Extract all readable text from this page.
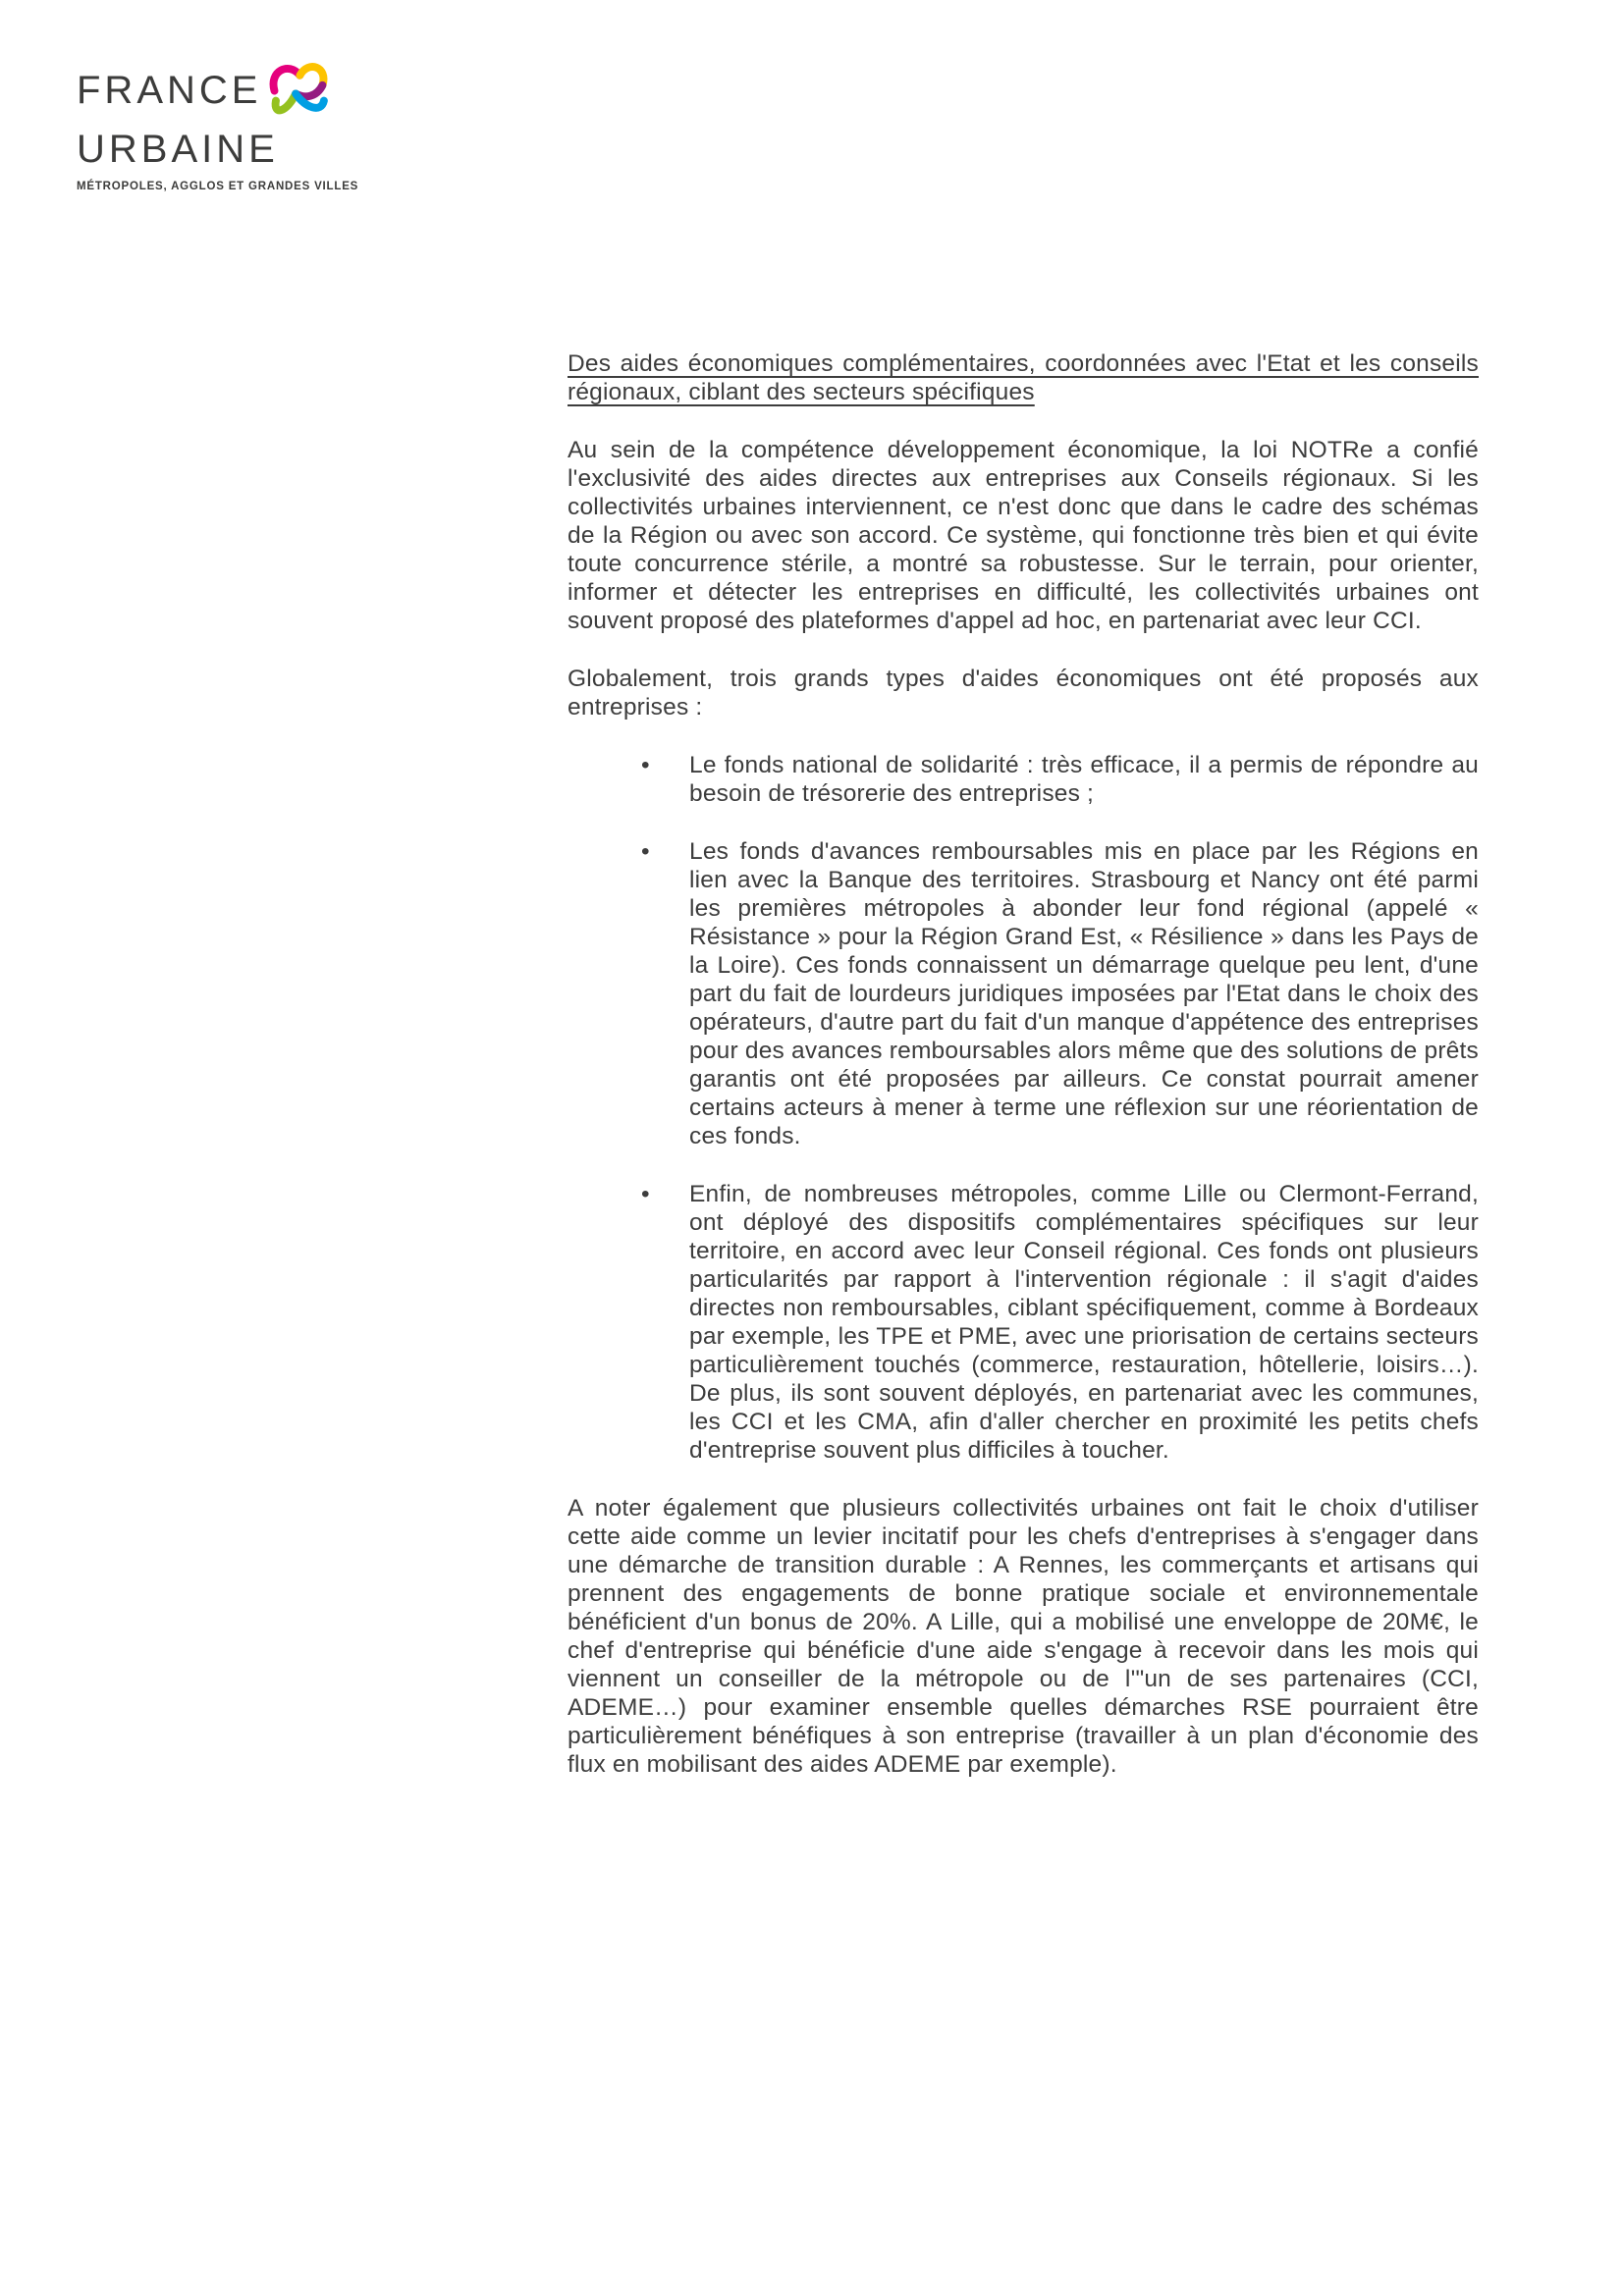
FRANCE
URBAINE
MÉTROPOLES, AGGLOS ET GRANDES VILLES
Des aides économiques complémentaires, coordonnées avec l'Etat et les conseils régionaux, ciblant des secteurs spécifiques

Au sein de la compétence développement économique, la loi NOTRe a confié l'exclusivité des aides directes aux entreprises aux Conseils régionaux. Si les collectivités urbaines interviennent, ce n'est donc que dans le cadre des schémas de la Région ou avec son accord. Ce système, qui fonctionne très bien et qui évite toute concurrence stérile, a montré sa robustesse. Sur le terrain, pour orienter, informer et détecter les entreprises en difficulté, les collectivités urbaines ont souvent proposé des plateformes d'appel ad hoc, en partenariat avec leur CCI.

Globalement, trois grands types d'aides économiques ont été proposés aux entreprises :

• Le fonds national de solidarité : très efficace, il a permis de répondre au besoin de trésorerie des entreprises ;
• Les fonds d'avances remboursables mis en place par les Régions en lien avec la Banque des territoires. Strasbourg et Nancy ont été parmi les premières métropoles à abonder leur fond régional (appelé « Résistance » pour la Région Grand Est, « Résilience » dans les Pays de la Loire). Ces fonds connaissent un démarrage quelque peu lent, d'une part du fait de lourdeurs juridiques imposées par l'Etat dans le choix des opérateurs, d'autre part du fait d'un manque d'appétence des entreprises pour des avances remboursables alors même que des solutions de prêts garantis ont été proposées par ailleurs. Ce constat pourrait amener certains acteurs à mener à terme une réflexion sur une réorientation de ces fonds.
• Enfin, de nombreuses métropoles, comme Lille ou Clermont-Ferrand, ont déployé des dispositifs complémentaires spécifiques sur leur territoire, en accord avec leur Conseil régional. Ces fonds ont plusieurs particularités par rapport à l'intervention régionale : il s'agit d'aides directes non remboursables, ciblant spécifiquement, comme à Bordeaux par exemple, les TPE et PME, avec une priorisation de certains secteurs particulièrement touchés (commerce, restauration, hôtellerie, loisirs…). De plus, ils sont souvent déployés, en partenariat avec les communes, les CCI et les CMA, afin d'aller chercher en proximité les petits chefs d'entreprise souvent plus difficiles à toucher.

A noter également que plusieurs collectivités urbaines ont fait le choix d'utiliser cette aide comme un levier incitatif pour les chefs d'entreprises à s'engager dans une démarche de transition durable : A Rennes, les commerçants et artisans qui prennent des engagements de bonne pratique sociale et environnementale bénéficient d'un bonus de 20%. A Lille, qui a mobilisé une enveloppe de 20M€, le chef d'entreprise qui bénéficie d'une aide s'engage à recevoir dans les mois qui viennent un conseiller de la métropole ou de l'"un de ses partenaires (CCI, ADEME…) pour examiner ensemble quelles démarches RSE pourraient être particulièrement bénéfiques à son entreprise (travailler à un plan d'économie des flux en mobilisant des aides ADEME par exemple).
